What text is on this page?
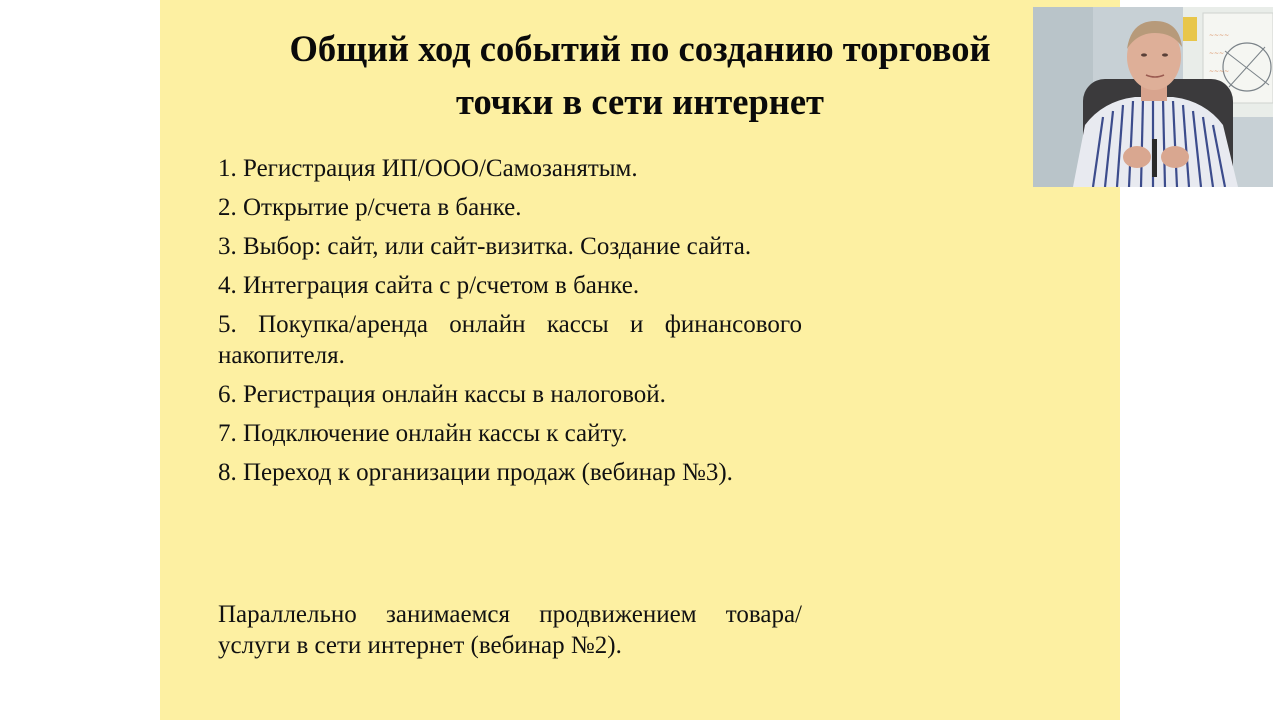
Общий ход событий по созданию торговой
точки в сети интернет
1. Регистрация ИП/ООО/Самозанятым.
2. Открытие р/счета в банке.
3. Выбор: сайт, или сайт-визитка. Создание сайта.
4. Интеграция сайта с р/счетом в банке.
5. Покупка/аренда онлайн кассы и финансового накопителя.
6. Регистрация онлайн кассы в налоговой.
7. Подключение онлайн кассы к сайту.
8. Переход к организации продаж (вебинар №3).

Параллельно занимаемся продвижением товара/услуги в сети интернет (вебинар №2).

~~~~
~~~
~~~~
